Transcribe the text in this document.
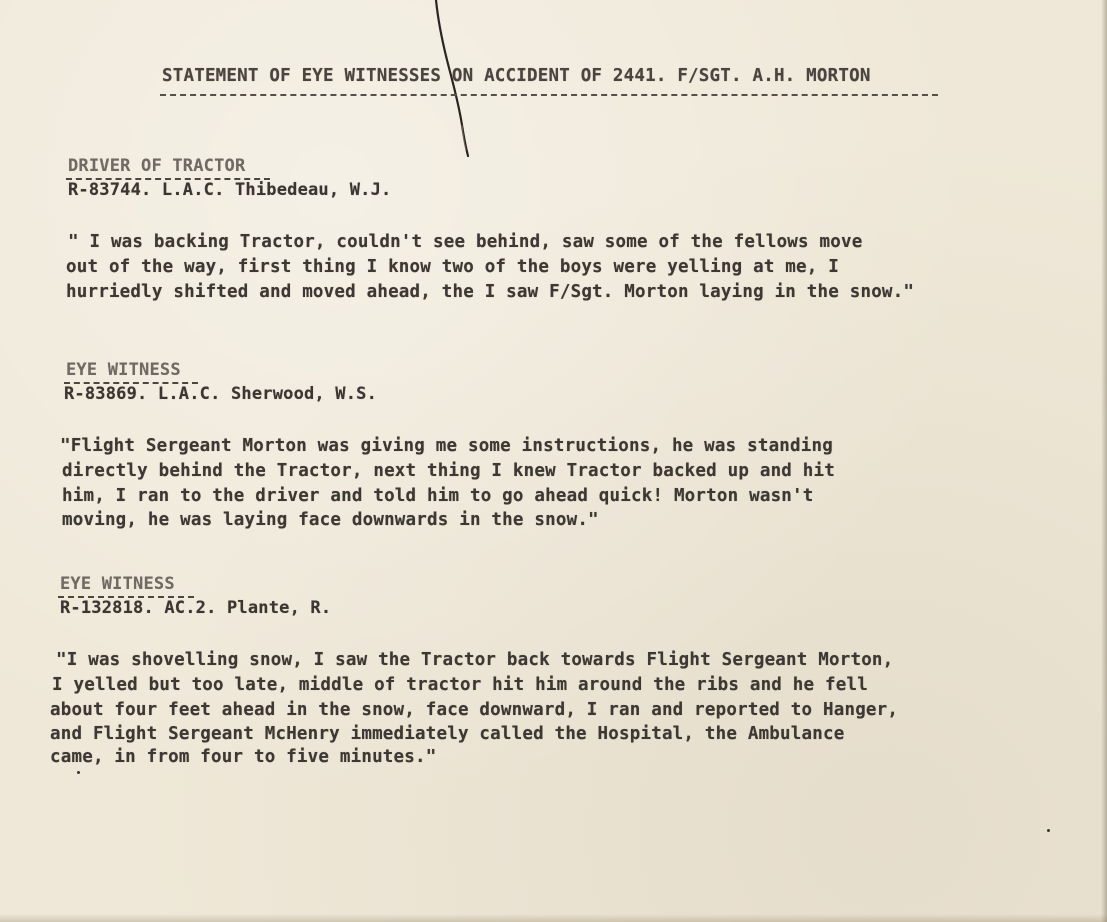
STATEMENT OF EYE WITNESSES ON ACCIDENT OF 2441. F/SGT. A.H. MORTON
DRIVER OF TRACTOR
R-83744. L.A.C. Thibedeau, W.J.
" I was backing Tractor, couldn't see behind, saw some of the fellows move
out of the way, first thing I know two of the boys were yelling at me, I
hurriedly shifted and moved ahead, the I saw F/Sgt. Morton laying in the snow."
EYE WITNESS
R-83869. L.A.C. Sherwood, W.S.
"Flight Sergeant Morton was giving me some instructions, he was standing
directly behind the Tractor, next thing I knew Tractor backed up and hit
him, I ran to the driver and told him to go ahead quick! Morton wasn't
moving, he was laying face downwards in the snow."
EYE WITNESS
R-132818. AC.2. Plante, R.
"I was shovelling snow, I saw the Tractor back towards Flight Sergeant Morton,
I yelled but too late, middle of tractor hit him around the ribs and he fell
about four feet ahead in the snow, face downward, I ran and reported to Hanger,
and Flight Sergeant McHenry immediately called the Hospital, the Ambulance
came, in from four to five minutes."
